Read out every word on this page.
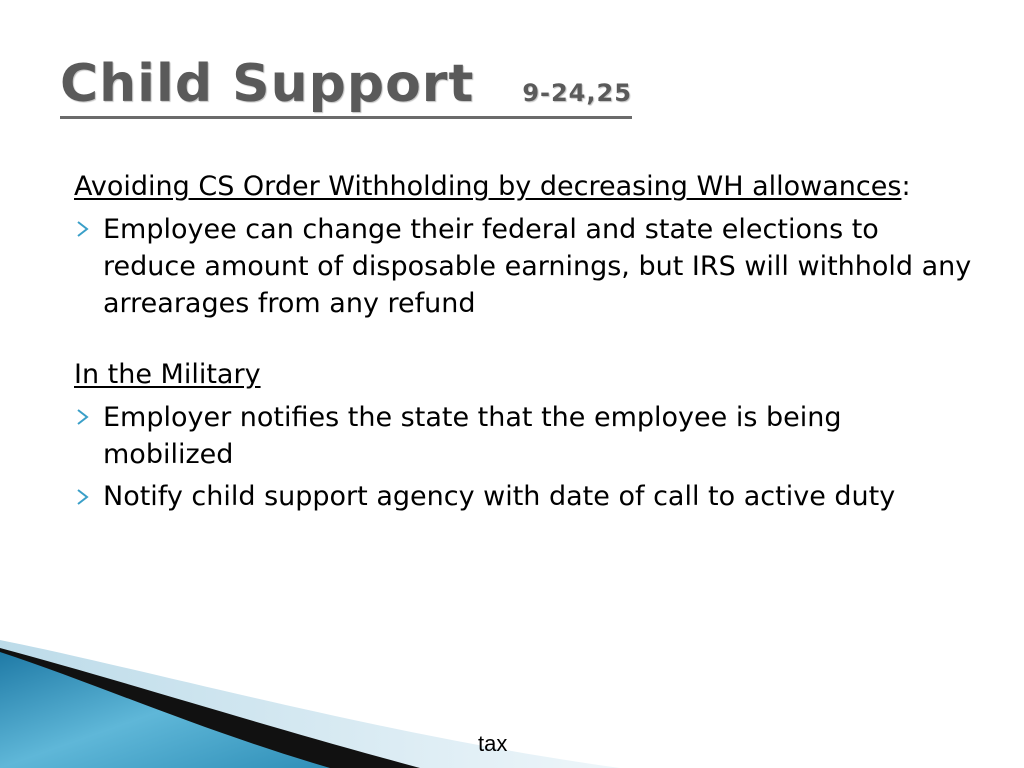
Child Support 9-24,25
Avoiding CS Order Withholding by decreasing WH allowances:
Employee can change their federal and state elections to reduce amount of disposable earnings, but IRS will withhold any arrearages from any refund
In the Military
Employer notifies the state that the employee is being mobilized
Notify child support agency with date of call to active duty
tax
